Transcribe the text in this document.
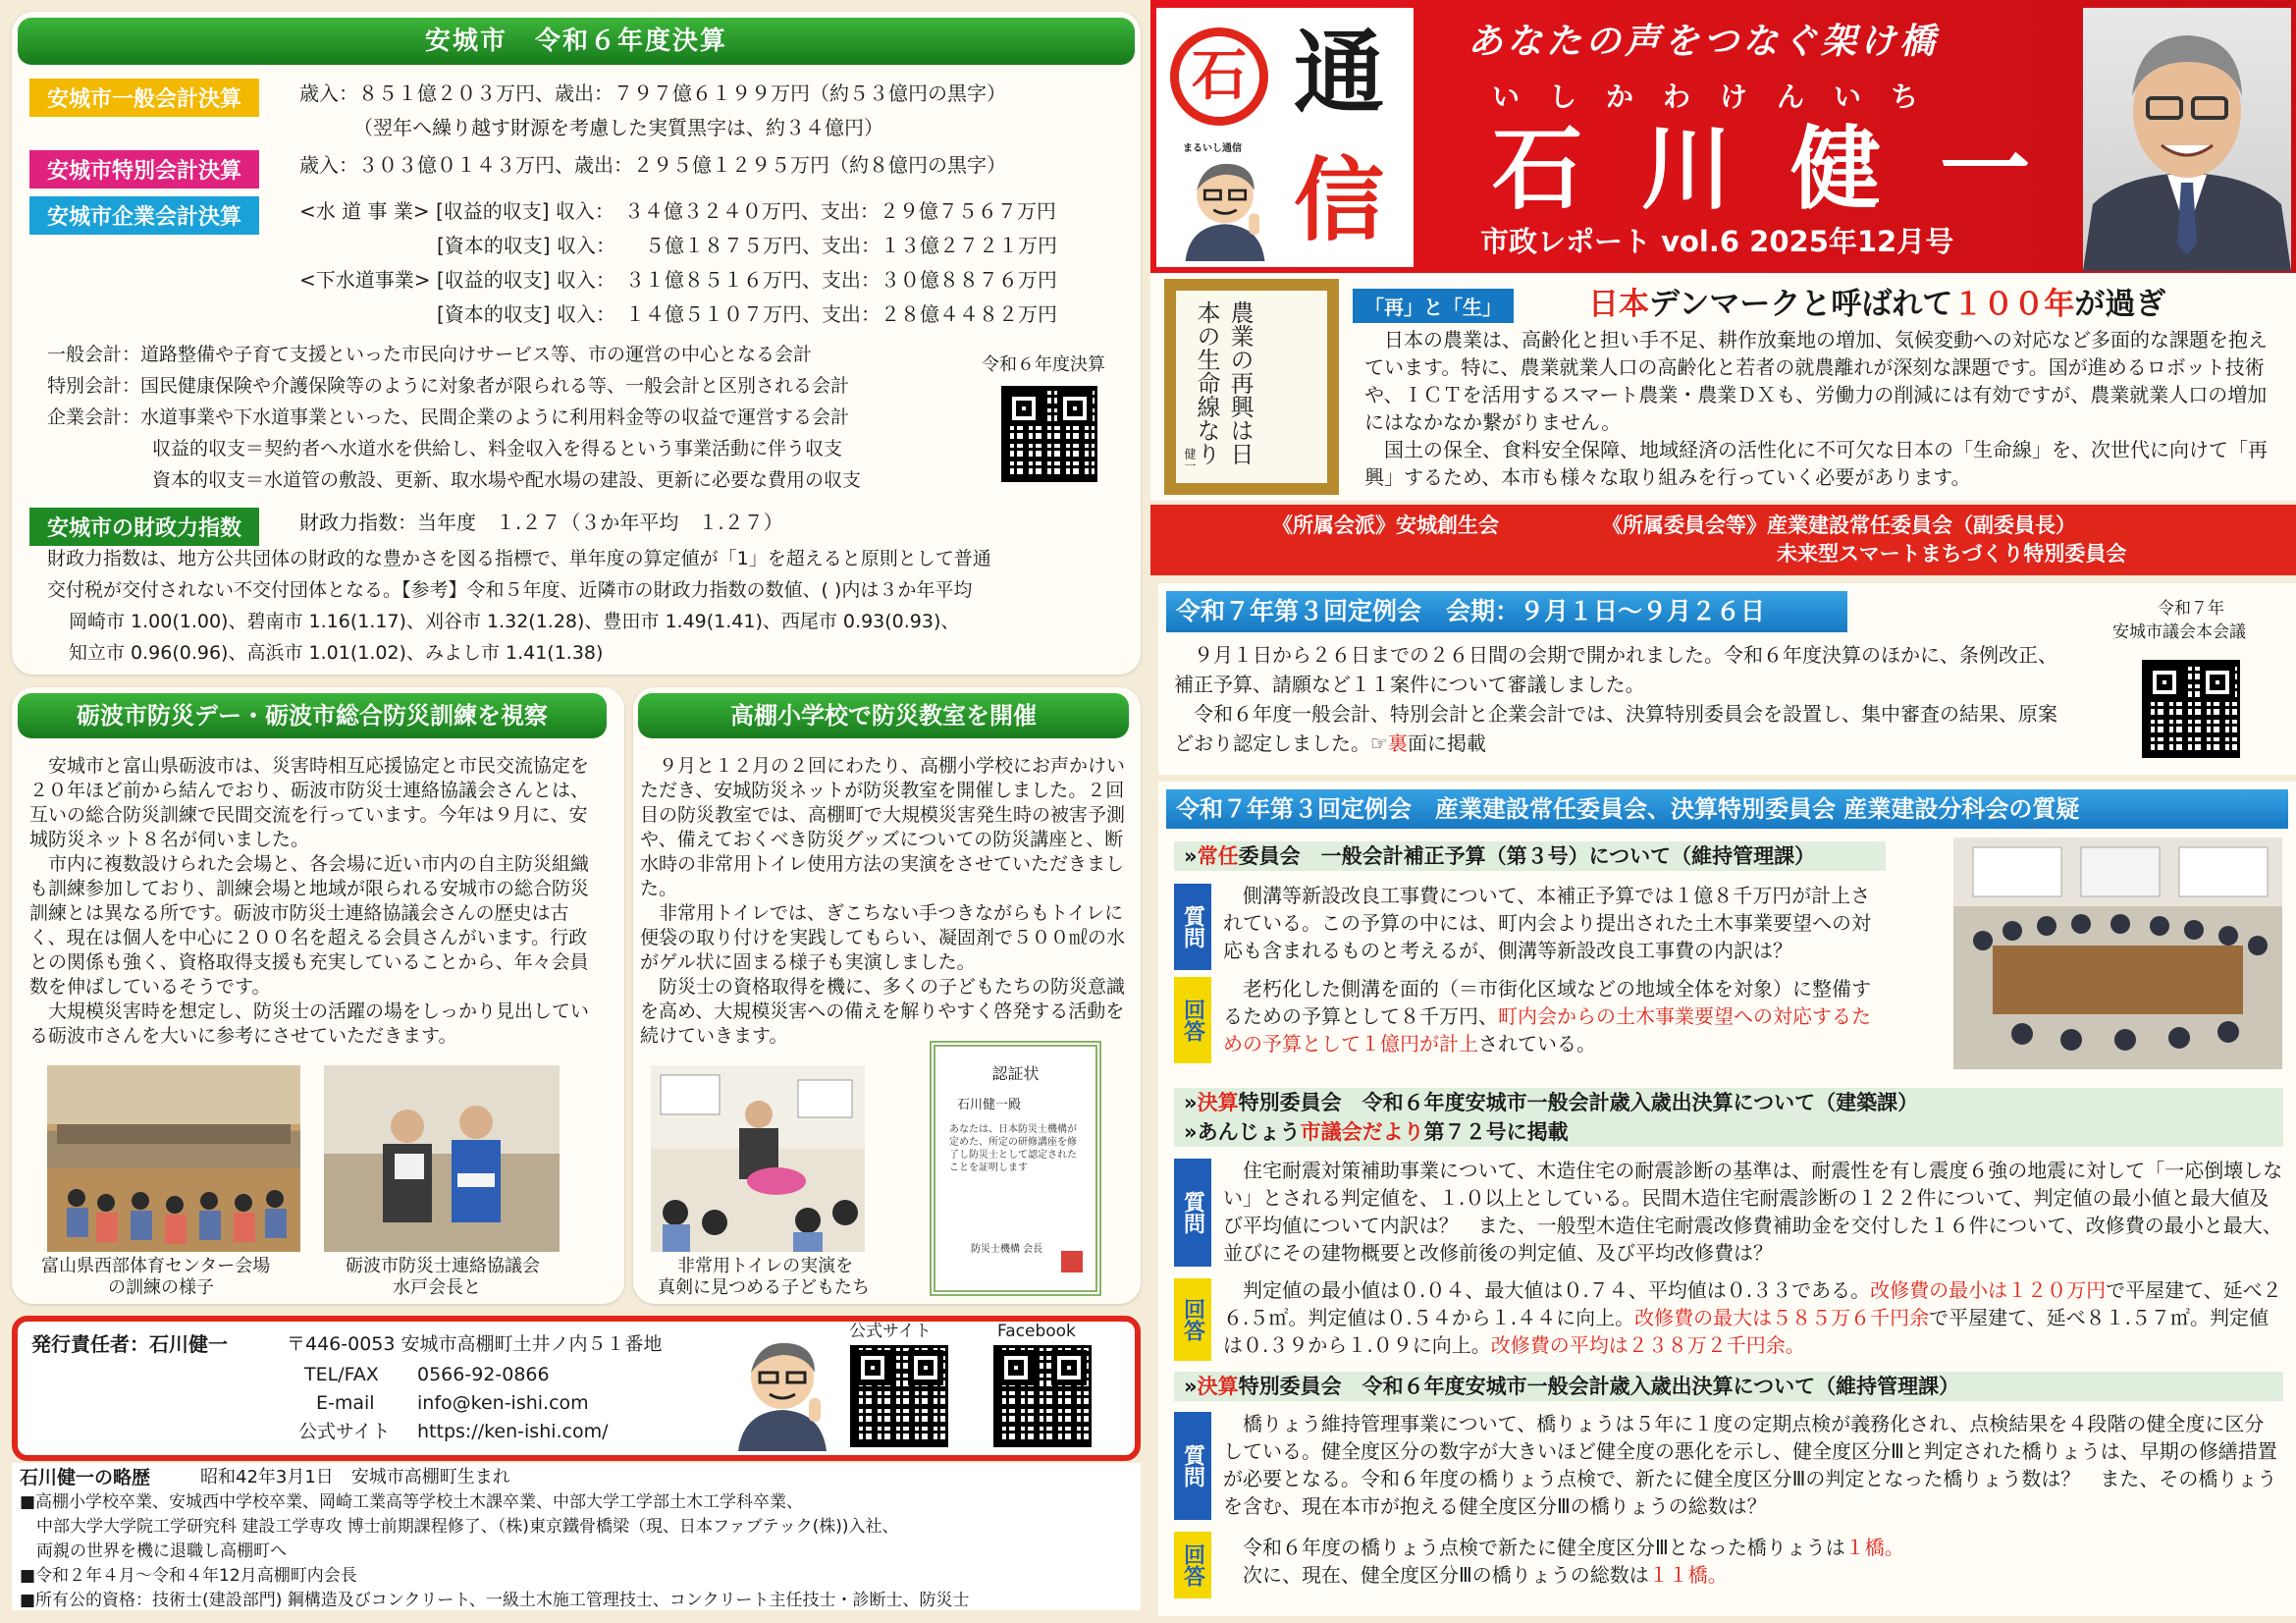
安城市　令和６年度決算
安城市一般会計決算	歳入：８５１億２０３万円、歳出：７９７億６１９９万円（約５３億円の黒字）
（翌年へ繰り越す財源を考慮した実質黒字は、約３４億円）
安城市特別会計決算	歳入：３０３億０１４３万円、歳出：２９５億１２９５万円（約８億円の黒字）
安城市企業会計決算	<水 道 事 業> [収益的収支] 収入：　３４億３２４０万円、支出：２９億７５６７万円
[資本的収支] 収入：　　５億１８７５万円、支出：１３億２７２１万円
<下水道事業> [収益的収支] 収入：　３１億８５１６万円、支出：３０億８８７６万円
[資本的収支] 収入：　１４億５１０７万円、支出：２８億４４８２万円
一般会計：道路整備や子育て支援といった市民向けサービス等、市の運営の中心となる会計
特別会計：国民健康保険や介護保険等のように対象者が限られる等、一般会計と区別される会計
企業会計：水道事業や下水道事業といった、民間企業のように利用料金等の収益で運営する会計
収益的収支＝契約者へ水道水を供給し、料金収入を得るという事業活動に伴う収支
資本的収支＝水道管の敷設、更新、取水場や配水場の建設、更新に必要な費用の収支
令和６年度決算
安城市の財政力指数	財政力指数：当年度　１.２７（３か年平均　１.２７）
財政力指数は、地方公共団体の財政的な豊かさを図る指標で、単年度の算定値が「1」を超えると原則として普通
交付税が交付されない不交付団体となる。【参考】令和５年度、近隣市の財政力指数の数値、( )内は３か年平均
岡崎市 1.00(1.00)、碧南市 1.16(1.17)、刈谷市 1.32(1.28)、豊田市 1.49(1.41)、西尾市 0.93(0.93)、
知立市 0.96(0.96)、高浜市 1.01(1.02)、みよし市 1.41(1.38)
砺波市防災デー・砺波市総合防災訓練を視察
　安城市と富山県砺波市は、災害時相互応援協定と市民交流協定を２０年ほど前から結んでおり、砺波市防災士連絡協議会さんとは、互いの総合防災訓練で民間交流を行っています。今年は９月に、安城防災ネット８名が伺いました。
　市内に複数設けられた会場と、各会場に近い市内の自主防災組織も訓練参加しており、訓練会場と地域が限られる安城市の総合防災訓練とは異なる所です。砺波市防災士連絡協議会さんの歴史は古く、現在は個人を中心に２００名を超える会員さんがいます。行政との関係も強く、資格取得支援も充実していることから、年々会員数を伸ばしているそうです。
　大規模災害時を想定し、防災士の活躍の場をしっかり見出している砺波市さんを大いに参考にさせていただきます。
富山県西部体育センター会場
の訓練の様子
砺波市防災士連絡協議会
水戸会長と
高棚小学校で防災教室を開催
　９月と１２月の２回にわたり、高棚小学校にお声かけいただき、安城防災ネットが防災教室を開催しました。２回目の防災教室では、高棚町で大規模災害発生時の被害予測や、備えておくべき防災グッズについての防災講座と、断水時の非常用トイレ使用方法の実演をさせていただきました。
　非常用トイレでは、ぎこちない手つきながらもトイレに便袋の取り付けを実践してもらい、凝固剤で５００㎖の水がゲル状に固まる様子も実演しました。
　防災士の資格取得を機に、多くの子どもたちの防災意識を高め、大規模災害への備えを解りやすく啓発する活動を続けていきます。
非常用トイレの実演を
真剣に見つめる子どもたち
認証状
石川健一殿
あなたは、日本防災士機構が定めた、所定の研修講座を修了し防災士として認定されたことを証明します
防災士機構 会長
発行責任者：石川健一	〒446-0053 安城市高棚町土井ノ内５１番地
TEL/FAX 0566-92-0866
E-mail info@ken-ishi.com
公式サイト https://ken-ishi.com/
公式サイト	Facebook
石川健一の略歴	昭和42年3月1日　安城市高棚町生まれ
■高棚小学校卒業、安城西中学校卒業、岡崎工業高等学校土木課卒業、中部大学工学部土木工学科卒業、
　中部大学大学院工学研究科 建設工学専攻 博士前期課程修了、（株)東京鐵骨橋梁（現、日本ファブテック(株))入社、
　両親の世界を機に退職し高棚町へ
■令和２年４月〜令和４年12月高棚町内会長
■所有公的資格：技術士(建設部門) 鋼構造及びコンクリート、一級土木施工管理技士、コンクリート主任技士・診断士、防災士
石 通
信
まるいし通信
あなたの声をつなぐ架け橋
いしかわけんいち
石 川 健 一
市政レポート vol.6 2025年12月号
農業の再興は日本の生命線なり
健一
「再」と「生」	日本デンマークと呼ばれて１００年が過ぎ
　日本の農業は、高齢化と担い手不足、耕作放棄地の増加、気候変動への対応など多面的な課題を抱えています。特に、農業就業人口の高齢化と若者の就農離れが深刻な課題です。国が進めるロボット技術や、ＩＣＴを活用するスマート農業・農業ＤＸも、労働力の削減には有効ですが、農業就業人口の増加にはなかなか繋がりません。
　国土の保全、食料安全保障、地域経済の活性化に不可欠な日本の「生命線」を、次世代に向けて「再興」するため、本市も様々な取り組みを行っていく必要があります。
《所属会派》安城創生会	《所属委員会等》産業建設常任委員会（副委員長）
未来型スマートまちづくり特別委員会
令和７年第３回定例会　会期：９月１日〜９月２６日
　９月１日から２６日までの２６日間の会期で開かれました。令和６年度決算のほかに、条例改正、補正予算、請願など１１案件について審議しました。
　令和６年度一般会計、特別会計と企業会計では、決算特別委員会を設置し、集中審査の結果、原案どおり認定しました。☞裏面に掲載
令和７年
安城市議会本会議
令和７年第３回定例会　産業建設常任委員会、決算特別委員会 産業建設分科会の質疑
»常任委員会　一般会計補正予算（第３号）について（維持管理課）
質問
　側溝等新設改良工事費について、本補正予算では１億８千万円が計上されている。この予算の中には、町内会より提出された土木事業要望への対応も含まれるものと考えるが、側溝等新設改良工事費の内訳は？
回答
　老朽化した側溝を面的（＝市街化区域などの地域全体を対象）に整備するための予算として８千万円、町内会からの土木事業要望への対応するための予算として１億円が計上されている。
»決算特別委員会　令和６年度安城市一般会計歳入歳出決算について（建築課）
»あんじょう市議会だより第７２号に掲載
質問
　住宅耐震対策補助事業について、木造住宅の耐震診断の基準は、耐震性を有し震度６強の地震に対して「一応倒壊しない」とされる判定値を、１.０以上としている。民間木造住宅耐震診断の１２２件について、判定値の最小値と最大値及び平均値について内訳は？　また、一般型木造住宅耐震改修費補助金を交付した１６件について、改修費の最小と最大、並びにその建物概要と改修前後の判定値、及び平均改修費は？
回答
　判定値の最小値は０.０４、最大値は０.７４、平均値は０.３３である。改修費の最小は１２０万円で平屋建て、延べ２６.５㎡。判定値は０.５４から１.４４に向上。改修費の最大は５８５万６千円余で平屋建て、延べ８１.５７㎡。判定値は０.３９から１.０９に向上。改修費の平均は２３８万２千円余。
»決算特別委員会　令和６年度安城市一般会計歳入歳出決算について（維持管理課）
質問
　橋りょう維持管理事業について、橋りょうは５年に１度の定期点検が義務化され、点検結果を４段階の健全度に区分している。健全度区分の数字が大きいほど健全度の悪化を示し、健全度区分Ⅲと判定された橋りょうは、早期の修繕措置が必要となる。令和６年度の橋りょう点検で、新たに健全度区分Ⅲの判定となった橋りょう数は？　また、その橋りょうを含む、現在本市が抱える健全度区分Ⅲの橋りょうの総数は？
回答 　令和６年度の橋りょう点検で新たに健全度区分Ⅲとなった橋りょうは１橋。
　次に、現在、健全度区分Ⅲの橋りょうの総数は１１橋。
